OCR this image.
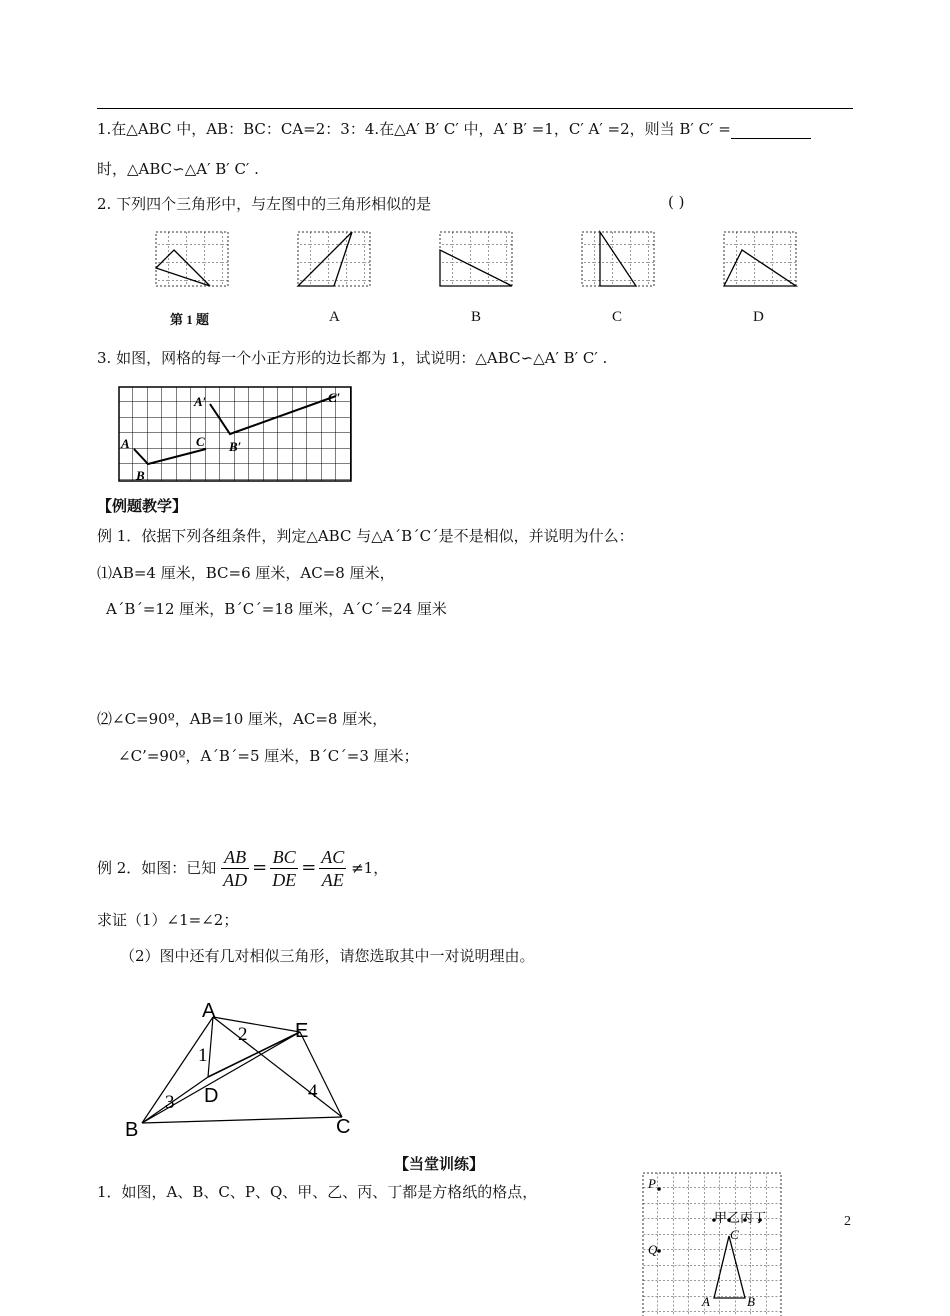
1.在△ABC 中，AB：BC：CA=2：3：4.在△A′ B′ C′ 中，A′ B′ =1，C′ A′ =2，则当 B′ C′ =
时，△ABC∽△A′ B′ C′ .
2. 下列四个三角形中，与左图中的三角形相似的是	( )
第 1 题	A	B	C	D
3. 如图，网格的每一个小正方形的边长都为 1，试说明：△ABC∽△A′ B′ C′ .
A
B
C
A′
B′
C′
【例题教学】
例 1．依据下列各组条件，判定△ABC 与△A´B´C´是不是相似，并说明为什么：
⑴AB=4 厘米，BC=6 厘米，AC=8 厘米，
A´B´=12 厘米，B´C´=18 厘米，A´C´=24 厘米
⑵∠C=90º，AB=10 厘米，AC=8 厘米，
∠C’=90º，A´B´=5 厘米，B´C´=3 厘米；
例 2．如图：已知 $\frac{AB}{AD} = \frac{BC}{DE} = \frac{AC}{AE} \ne 1$，
求证（1）∠1=∠2；
（2）图中还有几对相似三角形，请您选取其中一对说明理由。
A
E
B	C
D
1
2
3
4
【当堂训练】
1．如图，A、B、C、P、Q、甲、乙、丙、丁都是方格纸的格点，	P
Q
甲乙丙丁
C
A	B
2
